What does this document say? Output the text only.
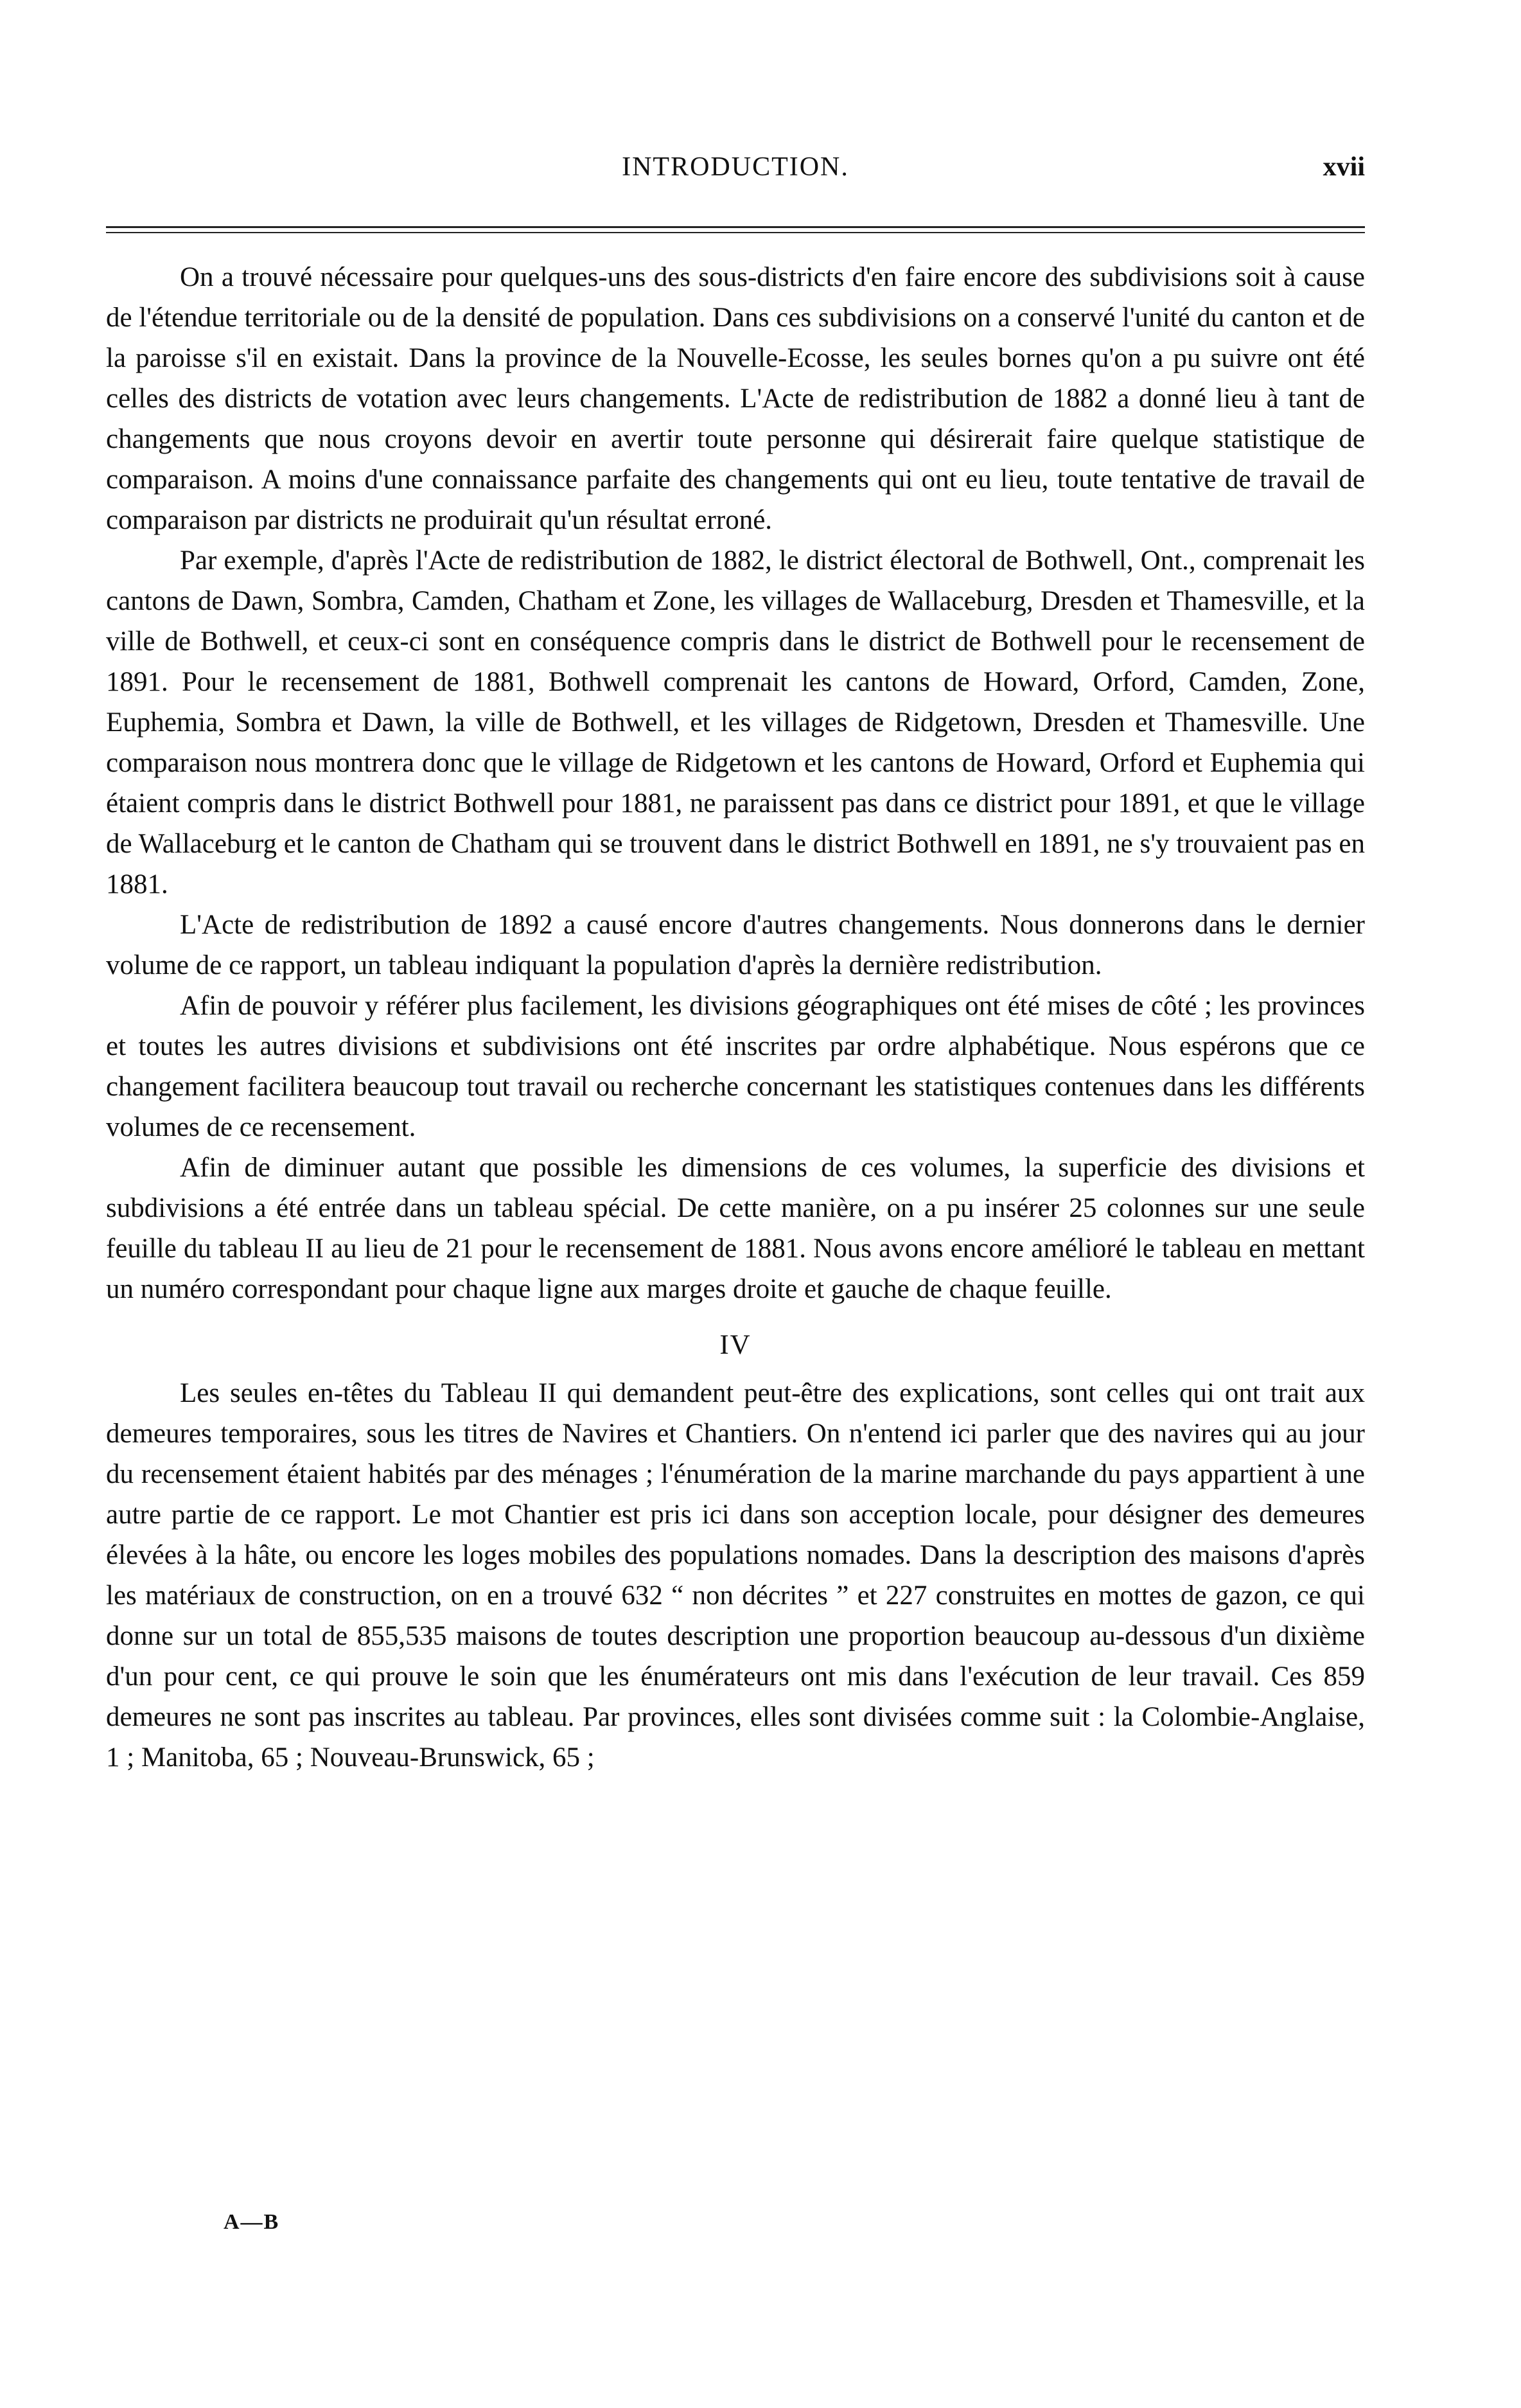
INTRODUCTION.	xvii

On a trouvé nécessaire pour quelques-uns des sous-districts d'en faire encore des subdivisions soit à cause de l'étendue territoriale ou de la densité de population. Dans ces subdivisions on a conservé l'unité du canton et de la paroisse s'il en existait. Dans la province de la Nouvelle-Ecosse, les seules bornes qu'on a pu suivre ont été celles des districts de votation avec leurs changements. L'Acte de redistribution de 1882 a donné lieu à tant de changements que nous croyons devoir en avertir toute personne qui désirerait faire quelque statistique de comparaison. A moins d'une connaissance parfaite des changements qui ont eu lieu, toute tentative de travail de comparaison par districts ne produirait qu'un résultat erroné.

Par exemple, d'après l'Acte de redistribution de 1882, le district électoral de Bothwell, Ont., comprenait les cantons de Dawn, Sombra, Camden, Chatham et Zone, les villages de Wallaceburg, Dresden et Thamesville, et la ville de Bothwell, et ceux-ci sont en conséquence compris dans le district de Bothwell pour le recensement de 1891. Pour le recensement de 1881, Bothwell comprenait les cantons de Howard, Orford, Camden, Zone, Euphemia, Sombra et Dawn, la ville de Bothwell, et les villages de Ridgetown, Dresden et Thamesville. Une comparaison nous montrera donc que le village de Ridgetown et les cantons de Howard, Orford et Euphemia qui étaient compris dans le district Bothwell pour 1881, ne paraissent pas dans ce district pour 1891, et que le village de Wallaceburg et le canton de Chatham qui se trouvent dans le district Bothwell en 1891, ne s'y trouvaient pas en 1881.

L'Acte de redistribution de 1892 a causé encore d'autres changements. Nous donnerons dans le dernier volume de ce rapport, un tableau indiquant la population d'après la dernière redistribution.

Afin de pouvoir y référer plus facilement, les divisions géographiques ont été mises de côté ; les provinces et toutes les autres divisions et subdivisions ont été inscrites par ordre alphabétique. Nous espérons que ce changement facilitera beaucoup tout travail ou recherche concernant les statistiques contenues dans les différents volumes de ce recensement.

Afin de diminuer autant que possible les dimensions de ces volumes, la superficie des divisions et subdivisions a été entrée dans un tableau spécial. De cette manière, on a pu insérer 25 colonnes sur une seule feuille du tableau II au lieu de 21 pour le recensement de 1881. Nous avons encore amélioré le tableau en mettant un numéro correspondant pour chaque ligne aux marges droite et gauche de chaque feuille.

IV

Les seules en-têtes du Tableau II qui demandent peut-être des explications, sont celles qui ont trait aux demeures temporaires, sous les titres de Navires et Chantiers. On n'entend ici parler que des navires qui au jour du recensement étaient habités par des ménages ; l'énumération de la marine marchande du pays appartient à une autre partie de ce rapport. Le mot Chantier est pris ici dans son acception locale, pour désigner des demeures élevées à la hâte, ou encore les loges mobiles des populations nomades. Dans la description des maisons d'après les matériaux de construction, on en a trouvé 632 “ non décrites ” et 227 construites en mottes de gazon, ce qui donne sur un total de 855,535 maisons de toutes description une proportion beaucoup au-dessous d'un dixième d'un pour cent, ce qui prouve le soin que les énumérateurs ont mis dans l'exécution de leur travail. Ces 859 demeures ne sont pas inscrites au tableau. Par provinces, elles sont divisées comme suit : la Colombie-Anglaise, 1 ; Manitoba, 65 ; Nouveau-Brunswick, 65 ;

A—B
